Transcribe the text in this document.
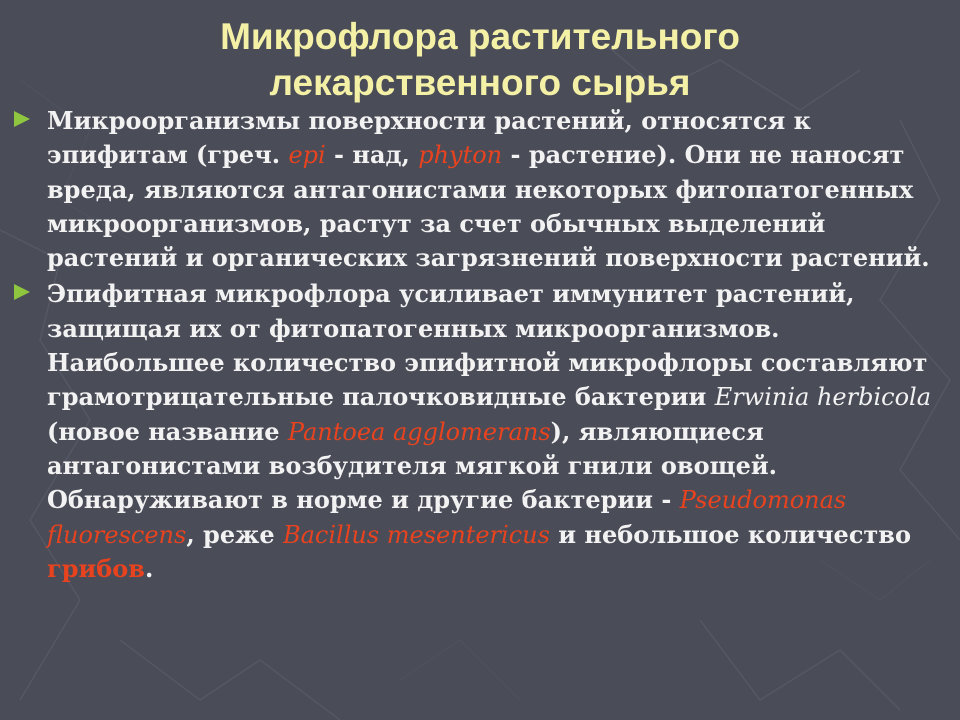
Микрофлора растительного
лекарственного сырья
Микроорганизмы поверхности растений, относятся к эпифитам (греч. epi - над, phyton - растение). Они не наносят вреда, являются антагонистами некоторых фитопатогенных микроорганизмов, растут за счет обычных выделений растений и органических загрязнений поверхности растений.
Эпифитная микрофлора усиливает иммунитет растений, защищая их от фитопатогенных микроорганизмов. Наибольшее количество эпифитной микрофлоры составляют грамотрицательные палочковидные бактерии Erwinia herbicola (новое название Pantoea agglomerans), являющиеся антагонистами возбудителя мягкой гнили овощей. Обнаруживают в норме и другие бактерии - Pseudomonas fluorescens, реже Bacillus mesentericus и небольшое количество грибов.
